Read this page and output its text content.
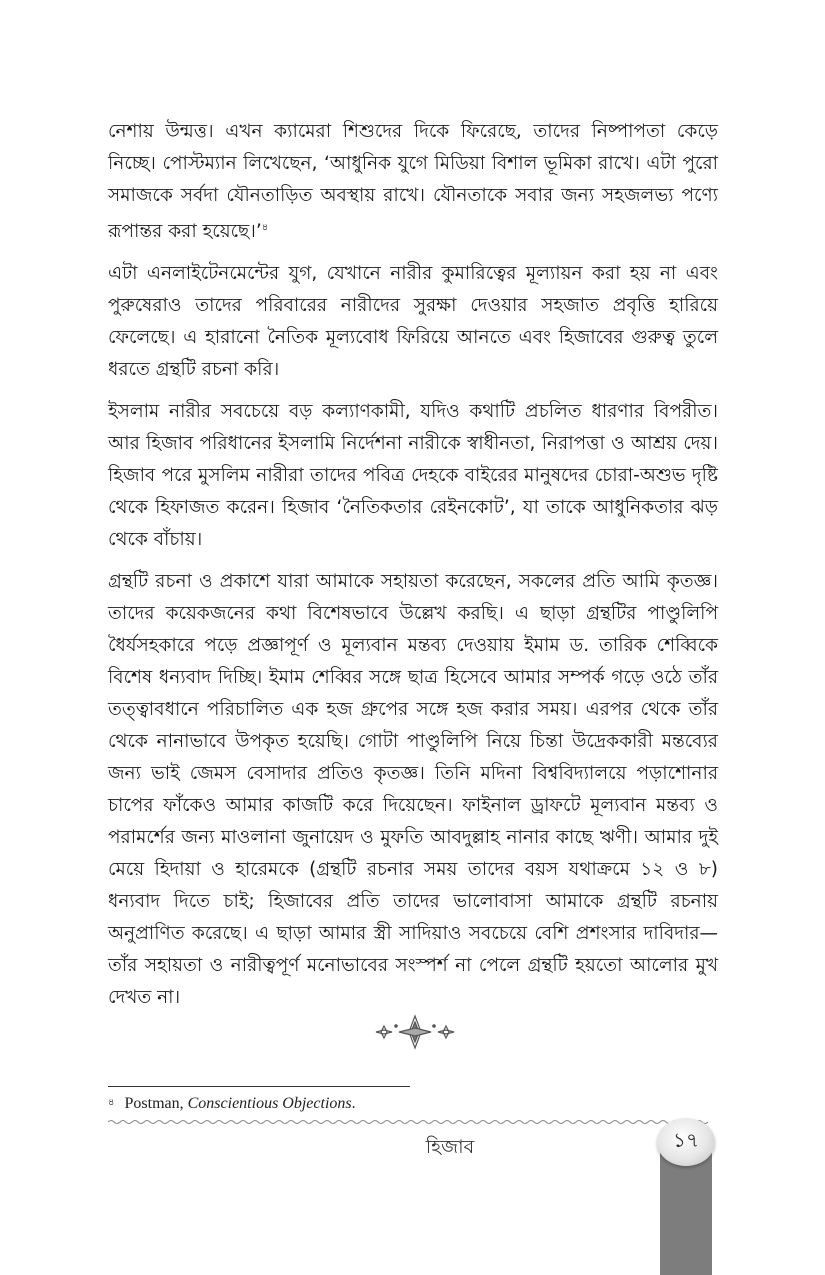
নেশায় উন্মত্ত। এখন ক্যামেরা শিশুদের দিকে ফিরেছে, তাদের নিষ্পাপতা কেড়ে নিচ্ছে। পোস্টম্যান লিখেছেন, ‘আধুনিক যুগে মিডিয়া বিশাল ভূমিকা রাখে। এটা পুরো সমাজকে সর্বদা যৌনতাড়িত অবস্থায় রাখে। যৌনতাকে সবার জন্য সহজলভ্য পণ্যে রূপান্তর করা হয়েছে।’$^৪$

এটা এনলাইটেনমেন্টের যুগ, যেখানে নারীর কুমারিত্বের মূল্যায়ন করা হয় না এবং পুরুষেরাও তাদের পরিবারের নারীদের সুরক্ষা দেওয়ার সহজাত প্রবৃত্তি হারিয়ে ফেলেছে। এ হারানো নৈতিক মূল্যবোধ ফিরিয়ে আনতে এবং হিজাবের গুরুত্ব তুলে ধরতে গ্রন্থটি রচনা করি।

ইসলাম নারীর সবচেয়ে বড় কল্যাণকামী, যদিও কথাটি প্রচলিত ধারণার বিপরীত। আর হিজাব পরিধানের ইসলামি নির্দেশনা নারীকে স্বাধীনতা, নিরাপত্তা ও আশ্রয় দেয়। হিজাব পরে মুসলিম নারীরা তাদের পবিত্র দেহকে বাইরের মানুষদের চোরা-অশুভ দৃষ্টি থেকে হিফাজত করেন। হিজাব ‘নৈতিকতার রেইনকোট’, যা তাকে আধুনিকতার ঝড় থেকে বাঁচায়।

গ্রন্থটি রচনা ও প্রকাশে যারা আমাকে সহায়তা করেছেন, সকলের প্রতি আমি কৃতজ্ঞ। তাদের কয়েকজনের কথা বিশেষভাবে উল্লেখ করছি। এ ছাড়া গ্রন্থটির পাণ্ডুলিপি ধৈর্যসহকারে পড়ে প্রজ্ঞাপূর্ণ ও মূল্যবান মন্তব্য দেওয়ায় ইমাম ড. তারিক শেব্বিকে বিশেষ ধন্যবাদ দিচ্ছি। ইমাম শেব্বির সঙ্গে ছাত্র হিসেবে আমার সম্পর্ক গড়ে ওঠে তাঁর তত্ত্বাবধানে পরিচালিত এক হজ গ্রুপের সঙ্গে হজ করার সময়। এরপর থেকে তাঁর থেকে নানাভাবে উপকৃত হয়েছি। গোটা পাণ্ডুলিপি নিয়ে চিন্তা উদ্রেককারী মন্তব্যের জন্য ভাই জেমস বেসাদার প্রতিও কৃতজ্ঞ। তিনি মদিনা বিশ্ববিদ্যালয়ে পড়াশোনার চাপের ফাঁকেও আমার কাজটি করে দিয়েছেন। ফাইনাল ড্রাফটে মূল্যবান মন্তব্য ও পরামর্শের জন্য মাওলানা জুনায়েদ ও মুফতি আবদুল্লাহ নানার কাছে ঋণী। আমার দুই মেয়ে হিদায়া ও হারেমকে (গ্রন্থটি রচনার সময় তাদের বয়স যথাক্রমে ১২ ও ৮) ধন্যবাদ দিতে চাই; হিজাবের প্রতি তাদের ভালোবাসা আমাকে গ্রন্থটি রচনায় অনুপ্রাণিত করেছে। এ ছাড়া আমার স্ত্রী সাদিয়াও সবচেয়ে বেশি প্রশংসার দাবিদার—তাঁর সহায়তা ও নারীত্বপূর্ণ মনোভাবের সংস্পর্শ না পেলে গ্রন্থটি হয়তো আলোর মুখ দেখত না।

$^৪$ Postman, Conscientious Objections.
হিজাব	১৭
